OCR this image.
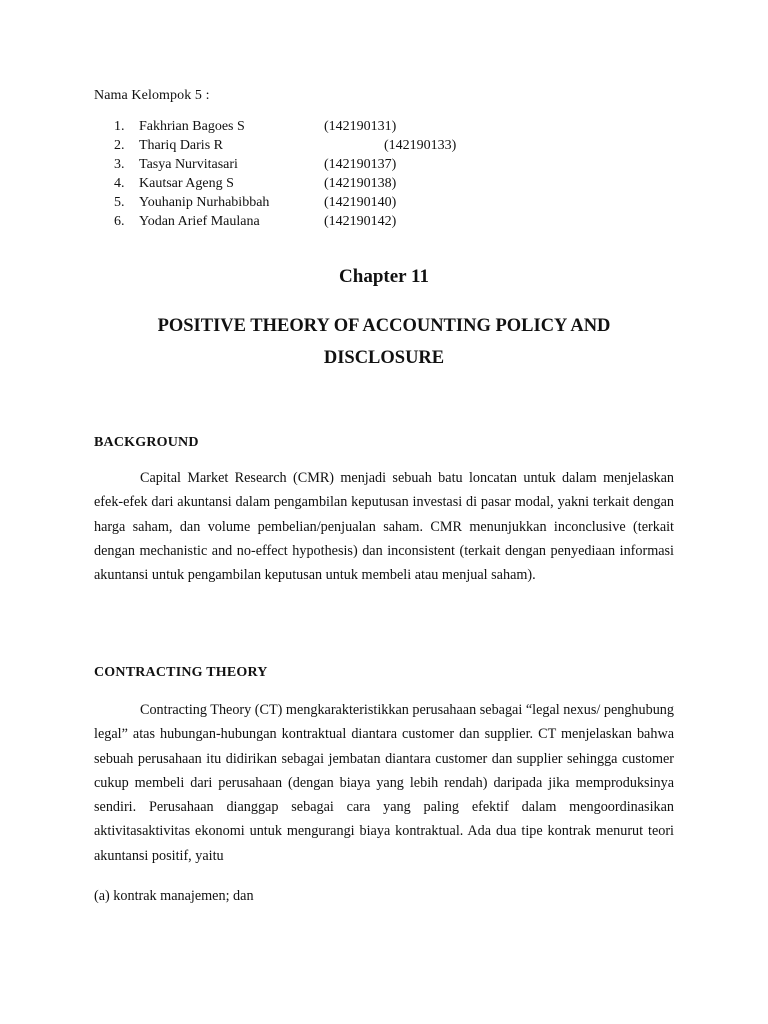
Nama Kelompok 5 :
1. Fakhrian Bagoes S	(142190131)
2. Thariq Daris R	(142190133)
3. Tasya Nurvitasari	(142190137)
4. Kautsar Ageng S	(142190138)
5. Youhanip Nurhabibbah	(142190140)
6. Yodan Arief Maulana	(142190142)
Chapter 11
POSITIVE THEORY OF ACCOUNTING POLICY AND DISCLOSURE
BACKGROUND
Capital Market Research (CMR) menjadi sebuah batu loncatan untuk dalam menjelaskan efek-efek dari akuntansi dalam pengambilan keputusan investasi di pasar modal, yakni terkait dengan harga saham, dan volume pembelian/penjualan saham. CMR menunjukkan inconclusive (terkait dengan mechanistic and no-effect hypothesis) dan inconsistent (terkait dengan penyediaan informasi akuntansi untuk pengambilan keputusan untuk membeli atau menjual saham).
CONTRACTING THEORY
Contracting Theory (CT) mengkarakteristikkan perusahaan sebagai “legal nexus/ penghubung legal” atas hubungan-hubungan kontraktual diantara customer dan supplier. CT menjelaskan bahwa sebuah perusahaan itu didirikan sebagai jembatan diantara customer dan supplier sehingga customer cukup membeli dari perusahaan (dengan biaya yang lebih rendah) daripada jika memproduksinya sendiri. Perusahaan dianggap sebagai cara yang paling efektif dalam mengoordinasikan aktivitasaktivitas ekonomi untuk mengurangi biaya kontraktual. Ada dua tipe kontrak menurut teori akuntansi positif, yaitu
(a) kontrak manajemen; dan
